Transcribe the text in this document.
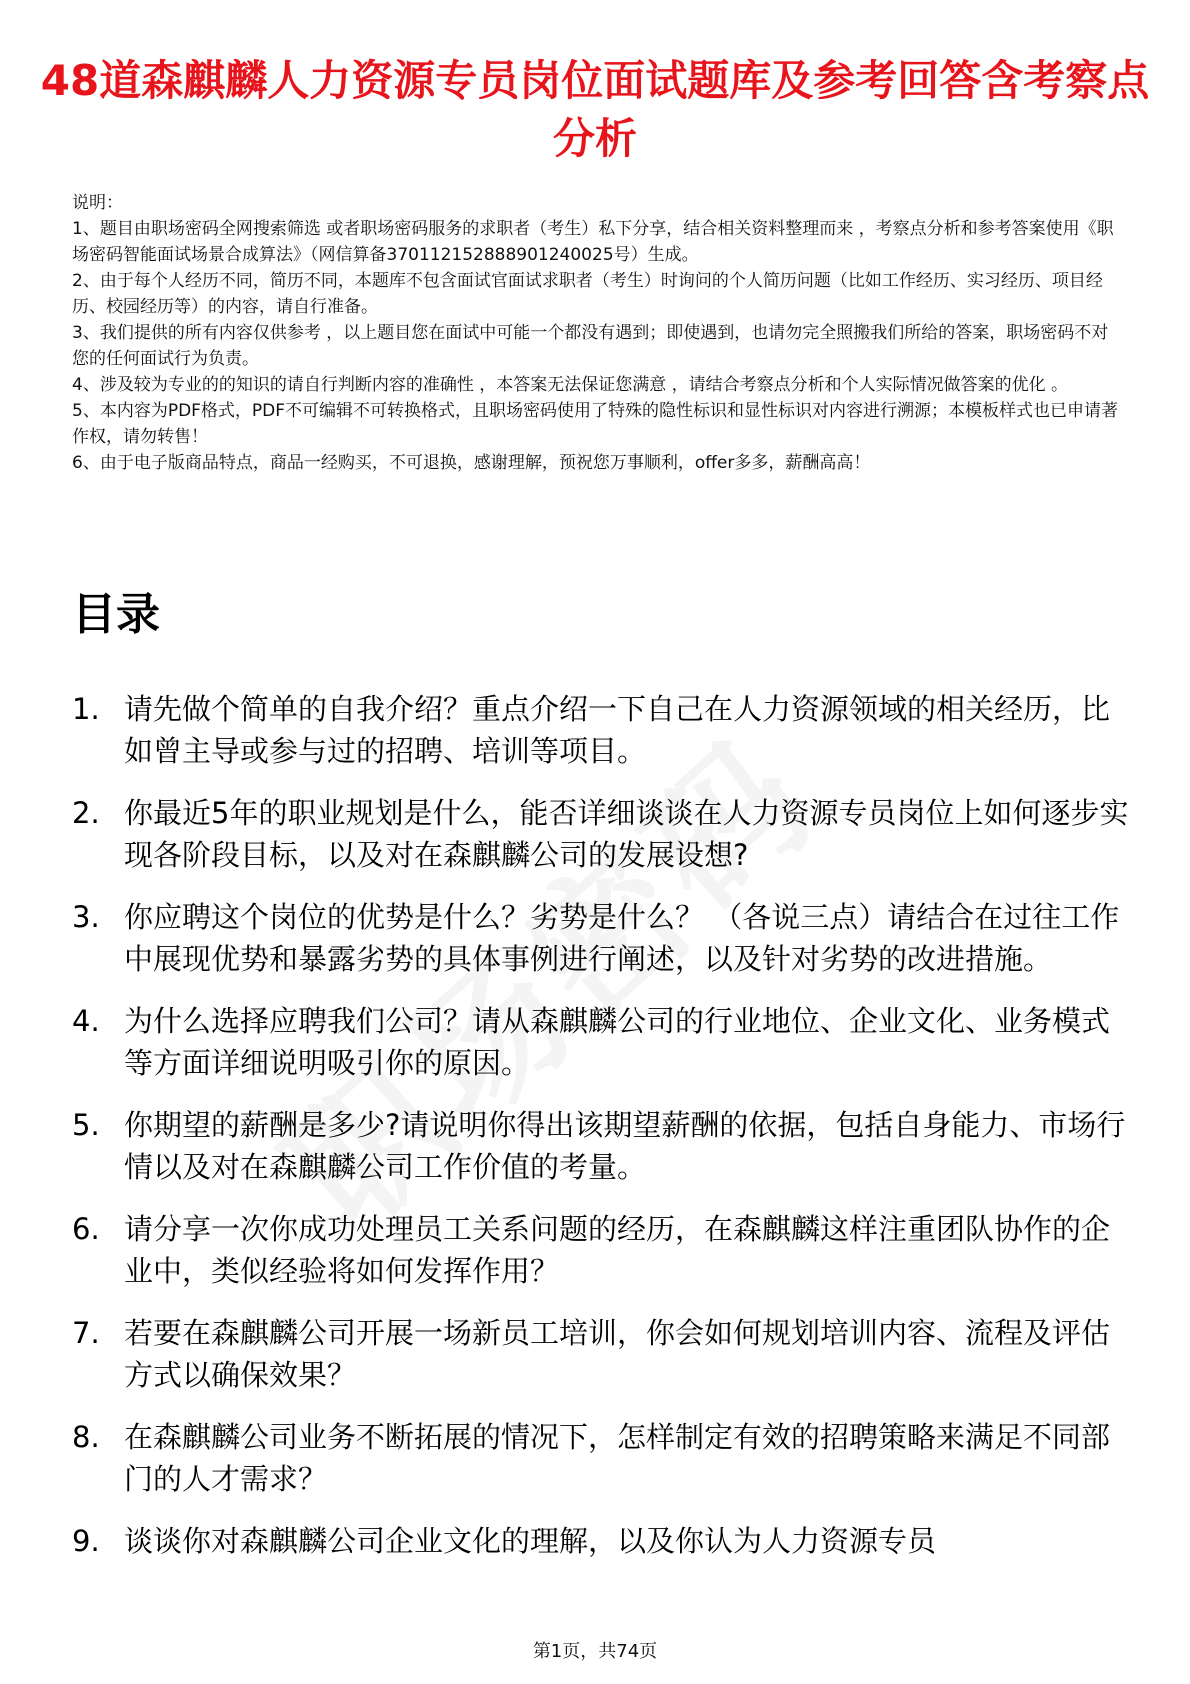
48道森麒麟人力资源专员岗位面试题库及参考回答含考察点分析

说明：

1、题目由职场密码全网搜索筛选 或者职场密码服务的求职者（考生）私下分享，结合相关资料整理而来 ，考察点分析和参考答案使用《职场密码智能面试场景合成算法》（网信算备370112152888901240025号）生成。

2、由于每个人经历不同，简历不同，本题库不包含面试官面试求职者（考生）时询问的个人简历问题（比如工作经历、实习经历、项目经历、校园经历等）的内容，请自行准备。

3、我们提供的所有内容仅供参考 ，以上题目您在面试中可能一个都没有遇到；即使遇到，也请勿完全照搬我们所给的答案，职场密码不对您的任何面试行为负责。

4、涉及较为专业的的知识的请自行判断内容的准确性 ，本答案无法保证您满意 ，请结合考察点分析和个人实际情况做答案的优化 。

5、本内容为PDF格式，PDF不可编辑不可转换格式，且职场密码使用了特殊的隐性标识和显性标识对内容进行溯源；本模板样式也已申请著作权，请勿转售！

6、由于电子版商品特点，商品一经购买，不可退换，感谢理解，预祝您万事顺利，offer多多，薪酬高高！

目录
1. 请先做个简单的自我介绍？重点介绍一下自己在人力资源领域的相关经历，比如曾主导或参与过的招聘、培训等项目。
2. 你最近5年的职业规划是什么，能否详细谈谈在人力资源专员岗位上如何逐步实现各阶段目标，以及对在森麒麟公司的发展设想?
3. 你应聘这个岗位的优势是什么？劣势是什么？ （各说三点）请结合在过往工作中展现优势和暴露劣势的具体事例进行阐述，以及针对劣势的改进措施。
4. 为什么选择应聘我们公司？请从森麒麟公司的行业地位、企业文化、业务模式等方面详细说明吸引你的原因。
5. 你期望的薪酬是多少?请说明你得出该期望薪酬的依据，包括自身能力、市场行情以及对在森麒麟公司工作价值的考量。
6. 请分享一次你成功处理员工关系问题的经历，在森麒麟这样注重团队协作的企业中，类似经验将如何发挥作用？
7. 若要在森麒麟公司开展一场新员工培训，你会如何规划培训内容、流程及评估方式以确保效果？
8. 在森麒麟公司业务不断拓展的情况下，怎样制定有效的招聘策略来满足不同部门的人才需求？
9. 谈谈你对森麒麟公司企业文化的理解，以及你认为人力资源专员
第1页，共74页
